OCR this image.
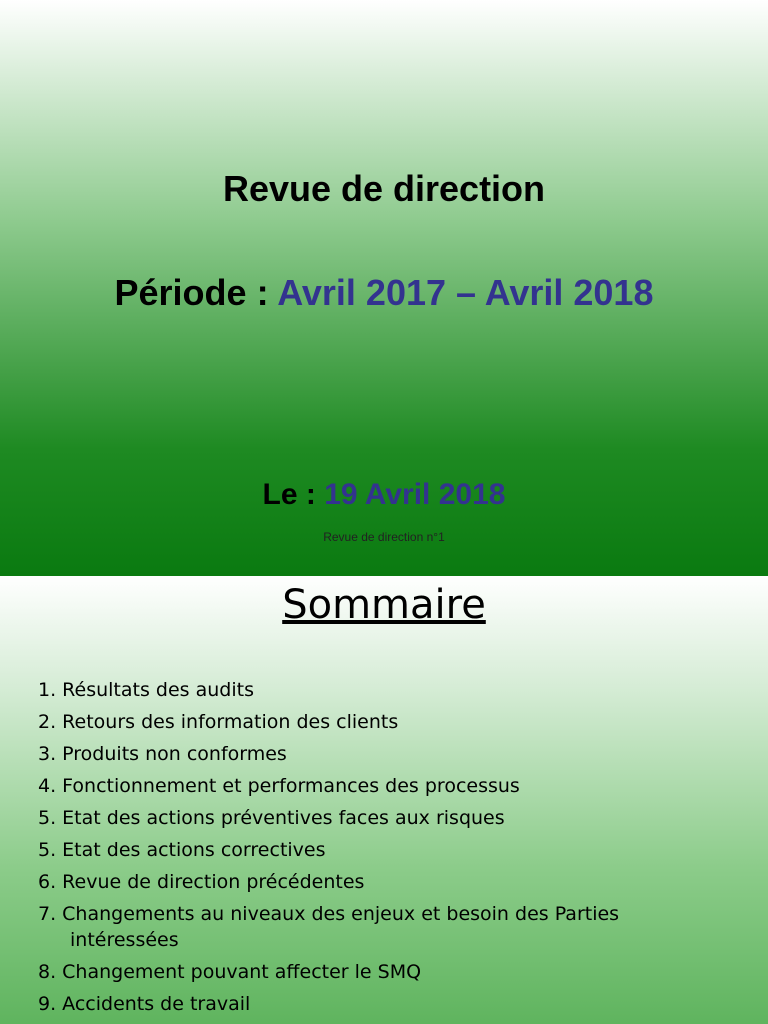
Revue de direction
Période : Avril 2017 – Avril 2018
Le : 19 Avril 2018
Revue de direction n°1
Sommaire
1. Résultats des audits
2. Retours des information des clients
3. Produits non conformes
4. Fonctionnement et performances des processus
5. Etat des actions préventives faces aux risques
5. Etat des actions correctives
6. Revue de direction précédentes
7. Changements au niveaux des enjeux et besoin des Parties
intéressées
8. Changement pouvant affecter le SMQ
9. Accidents de travail
